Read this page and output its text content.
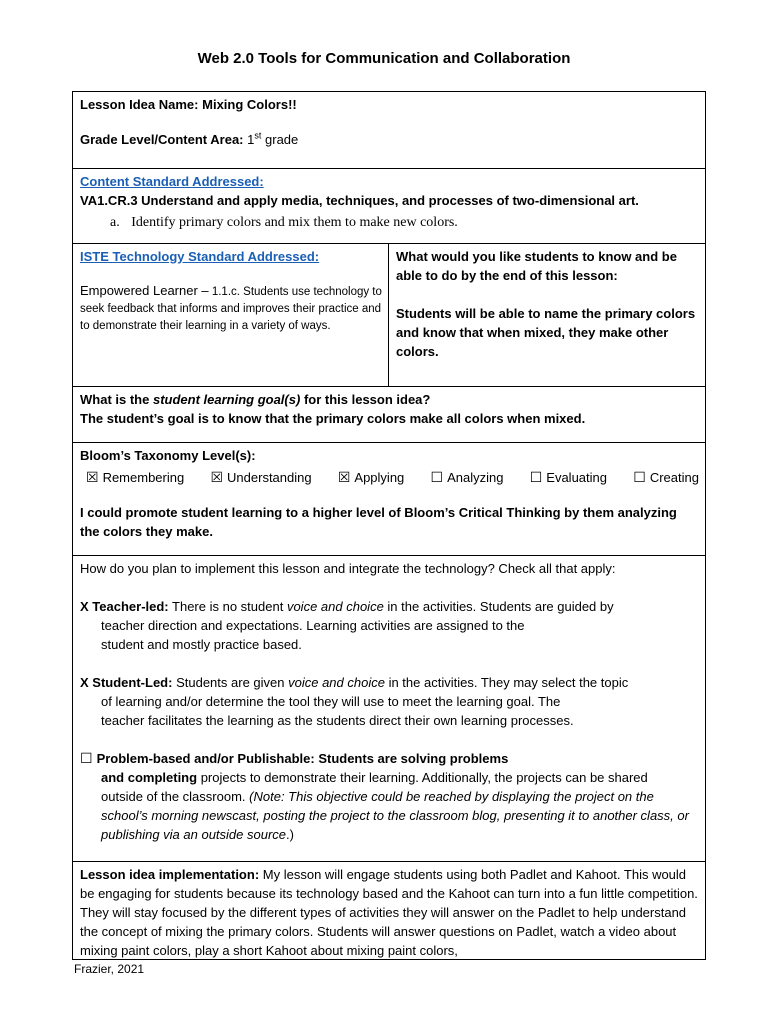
Web 2.0 Tools for Communication and Collaboration
Lesson Idea Name: Mixing Colors!!
Grade Level/Content Area: 1st grade

Content Standard Addressed:
VA1.CR.3 Understand and apply media, techniques, and processes of two-dimensional art.
a. Identify primary colors and mix them to make new colors.

ISTE Technology Standard Addressed:
Empowered Learner – 1.1.c. Students use technology to seek feedback that informs and improves their practice and to demonstrate their learning in a variety of ways.

What would you like students to know and be able to do by the end of this lesson:
Students will be able to name the primary colors and know that when mixed, they make other colors.

What is the student learning goal(s) for this lesson idea?
The student’s goal is to know that the primary colors make all colors when mixed.

Bloom’s Taxonomy Level(s):
☒ Remembering ☒ Understanding ☒ Applying ☐ Analyzing ☐ Evaluating ☐ Creating
I could promote student learning to a higher level of Bloom’s Critical Thinking by them analyzing the colors they make.

How do you plan to implement this lesson and integrate the technology? Check all that apply:
X Teacher-led: There is no student voice and choice in the activities. Students are guided by
teacher direction and expectations. Learning activities are assigned to the
student and mostly practice based.
X Student-Led: Students are given voice and choice in the activities. They may select the topic
of learning and/or determine the tool they will use to meet the learning goal. The
teacher facilitates the learning as the students direct their own learning processes.
☐ Problem-based and/or Publishable: Students are solving problems
and completing projects to demonstrate their learning. Additionally, the projects can be shared
outside of the classroom. (Note: This objective could be reached by displaying the project on the school’s morning newscast, posting the project to the classroom blog, presenting it to another class, or publishing via an outside source.)

Lesson idea implementation: My lesson will engage students using both Padlet and Kahoot. This would be engaging for students because its technology based and the Kahoot can turn into a fun little competition. They will stay focused by the different types of activities they will answer on the Padlet to help understand the concept of mixing the primary colors. Students will answer questions on Padlet, watch a video about mixing paint colors, play a short Kahoot about mixing paint colors,
Frazier, 2021
